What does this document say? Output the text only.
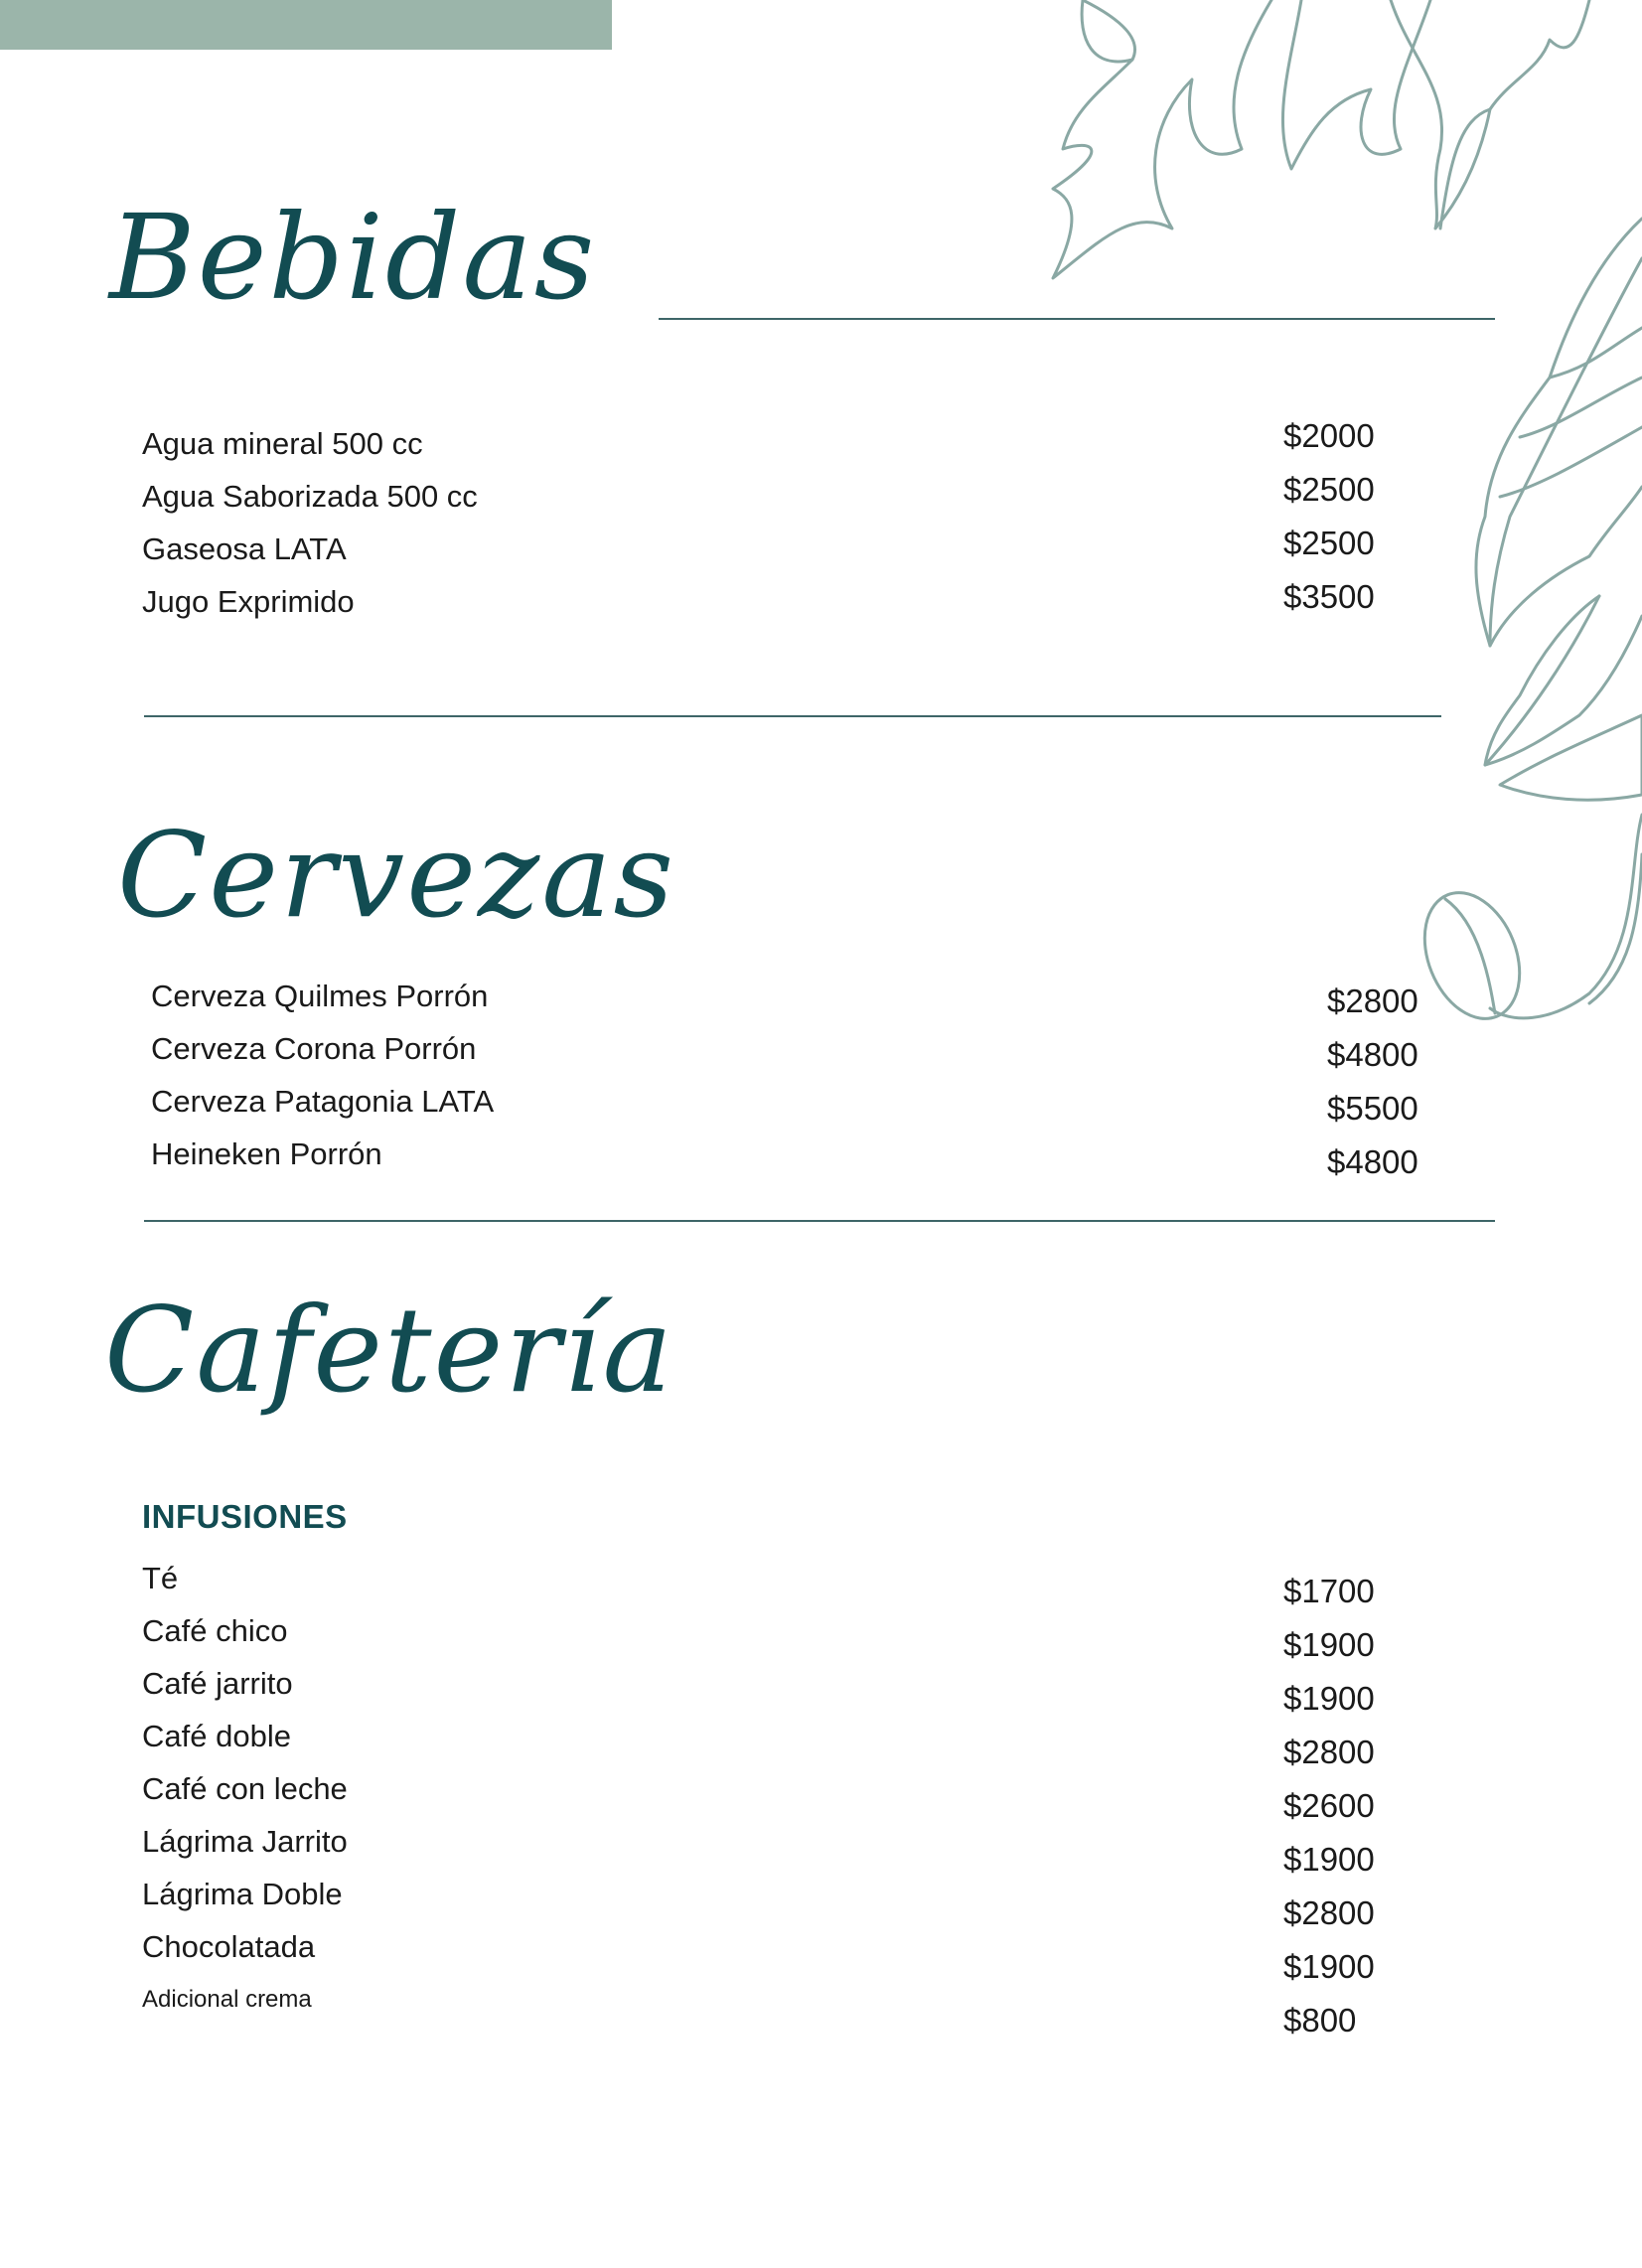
Bebidas
Agua mineral 500 cc
Agua Saborizada 500 cc
Gaseosa LATA
Jugo Exprimido
$2000
$2500
$2500
$3500
Cervezas
Cerveza Quilmes Porrón
Cerveza Corona Porrón
Cerveza Patagonia LATA
Heineken Porrón
$2800
$4800
$5500
$4800
Cafetería
INFUSIONES
Té
Café chico
Café jarrito
Café doble
Café con leche
Lágrima Jarrito
Lágrima Doble
Chocolatada
Adicional crema
$1700
$1900
$1900
$2800
$2600
$1900
$2800
$1900
$800
